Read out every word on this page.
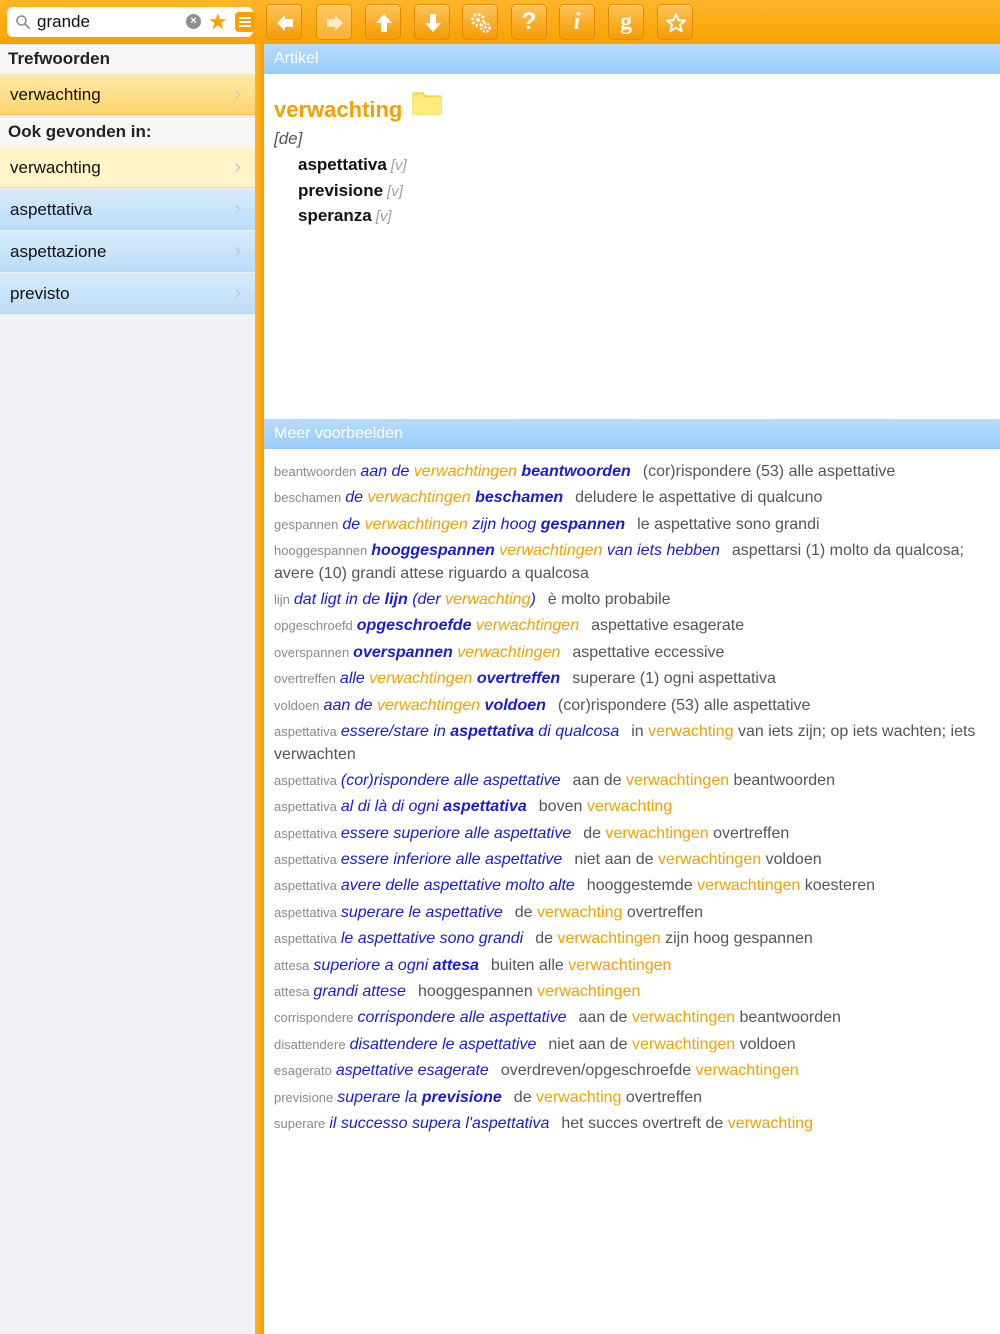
grande	× ★	?	i	g
Trefwoorden
verwachting	›
Ook gevonden in:
verwachting	›
aspettativa	›
aspettazione	›
previsto	›
Artikel
verwachting
[de]
aspettativa [v]
previsione [v]
speranza [v]
Meer voorbeelden
beantwoorden aan de verwachtingen beantwoorden (cor)rispondere (53) alle aspettative
beschamen de verwachtingen beschamen deludere le aspettative di qualcuno
gespannen de verwachtingen zijn hoog gespannen le aspettative sono grandi
hooggespannen hooggespannen verwachtingen van iets hebben aspettarsi (1) molto da qualcosa; avere (10) grandi attese riguardo a qualcosa
lijn dat ligt in de lijn (der verwachting) è molto probabile
opgeschroefd opgeschroefde verwachtingen aspettative esagerate
overspannen overspannen verwachtingen aspettative eccessive
overtreffen alle verwachtingen overtreffen superare (1) ogni aspettativa
voldoen aan de verwachtingen voldoen (cor)rispondere (53) alle aspettative
aspettativa essere/stare in aspettativa di qualcosa in verwachting van iets zijn; op iets wachten; iets verwachten
aspettativa (cor)rispondere alle aspettative aan de verwachtingen beantwoorden
aspettativa al di là di ogni aspettativa boven verwachting
aspettativa essere superiore alle aspettative de verwachtingen overtreffen
aspettativa essere inferiore alle aspettative niet aan de verwachtingen voldoen
aspettativa avere delle aspettative molto alte hooggestemde verwachtingen koesteren
aspettativa superare le aspettative de verwachting overtreffen
aspettativa le aspettative sono grandi de verwachtingen zijn hoog gespannen
attesa superiore a ogni attesa buiten alle verwachtingen
attesa grandi attese hooggespannen verwachtingen
corrispondere corrispondere alle aspettative aan de verwachtingen beantwoorden
disattendere disattendere le aspettative niet aan de verwachtingen voldoen
esagerato aspettative esagerate overdreven/opgeschroefde verwachtingen
previsione superare la previsione de verwachting overtreffen
superare il successo supera l'aspettativa het succes overtreft de verwachting
